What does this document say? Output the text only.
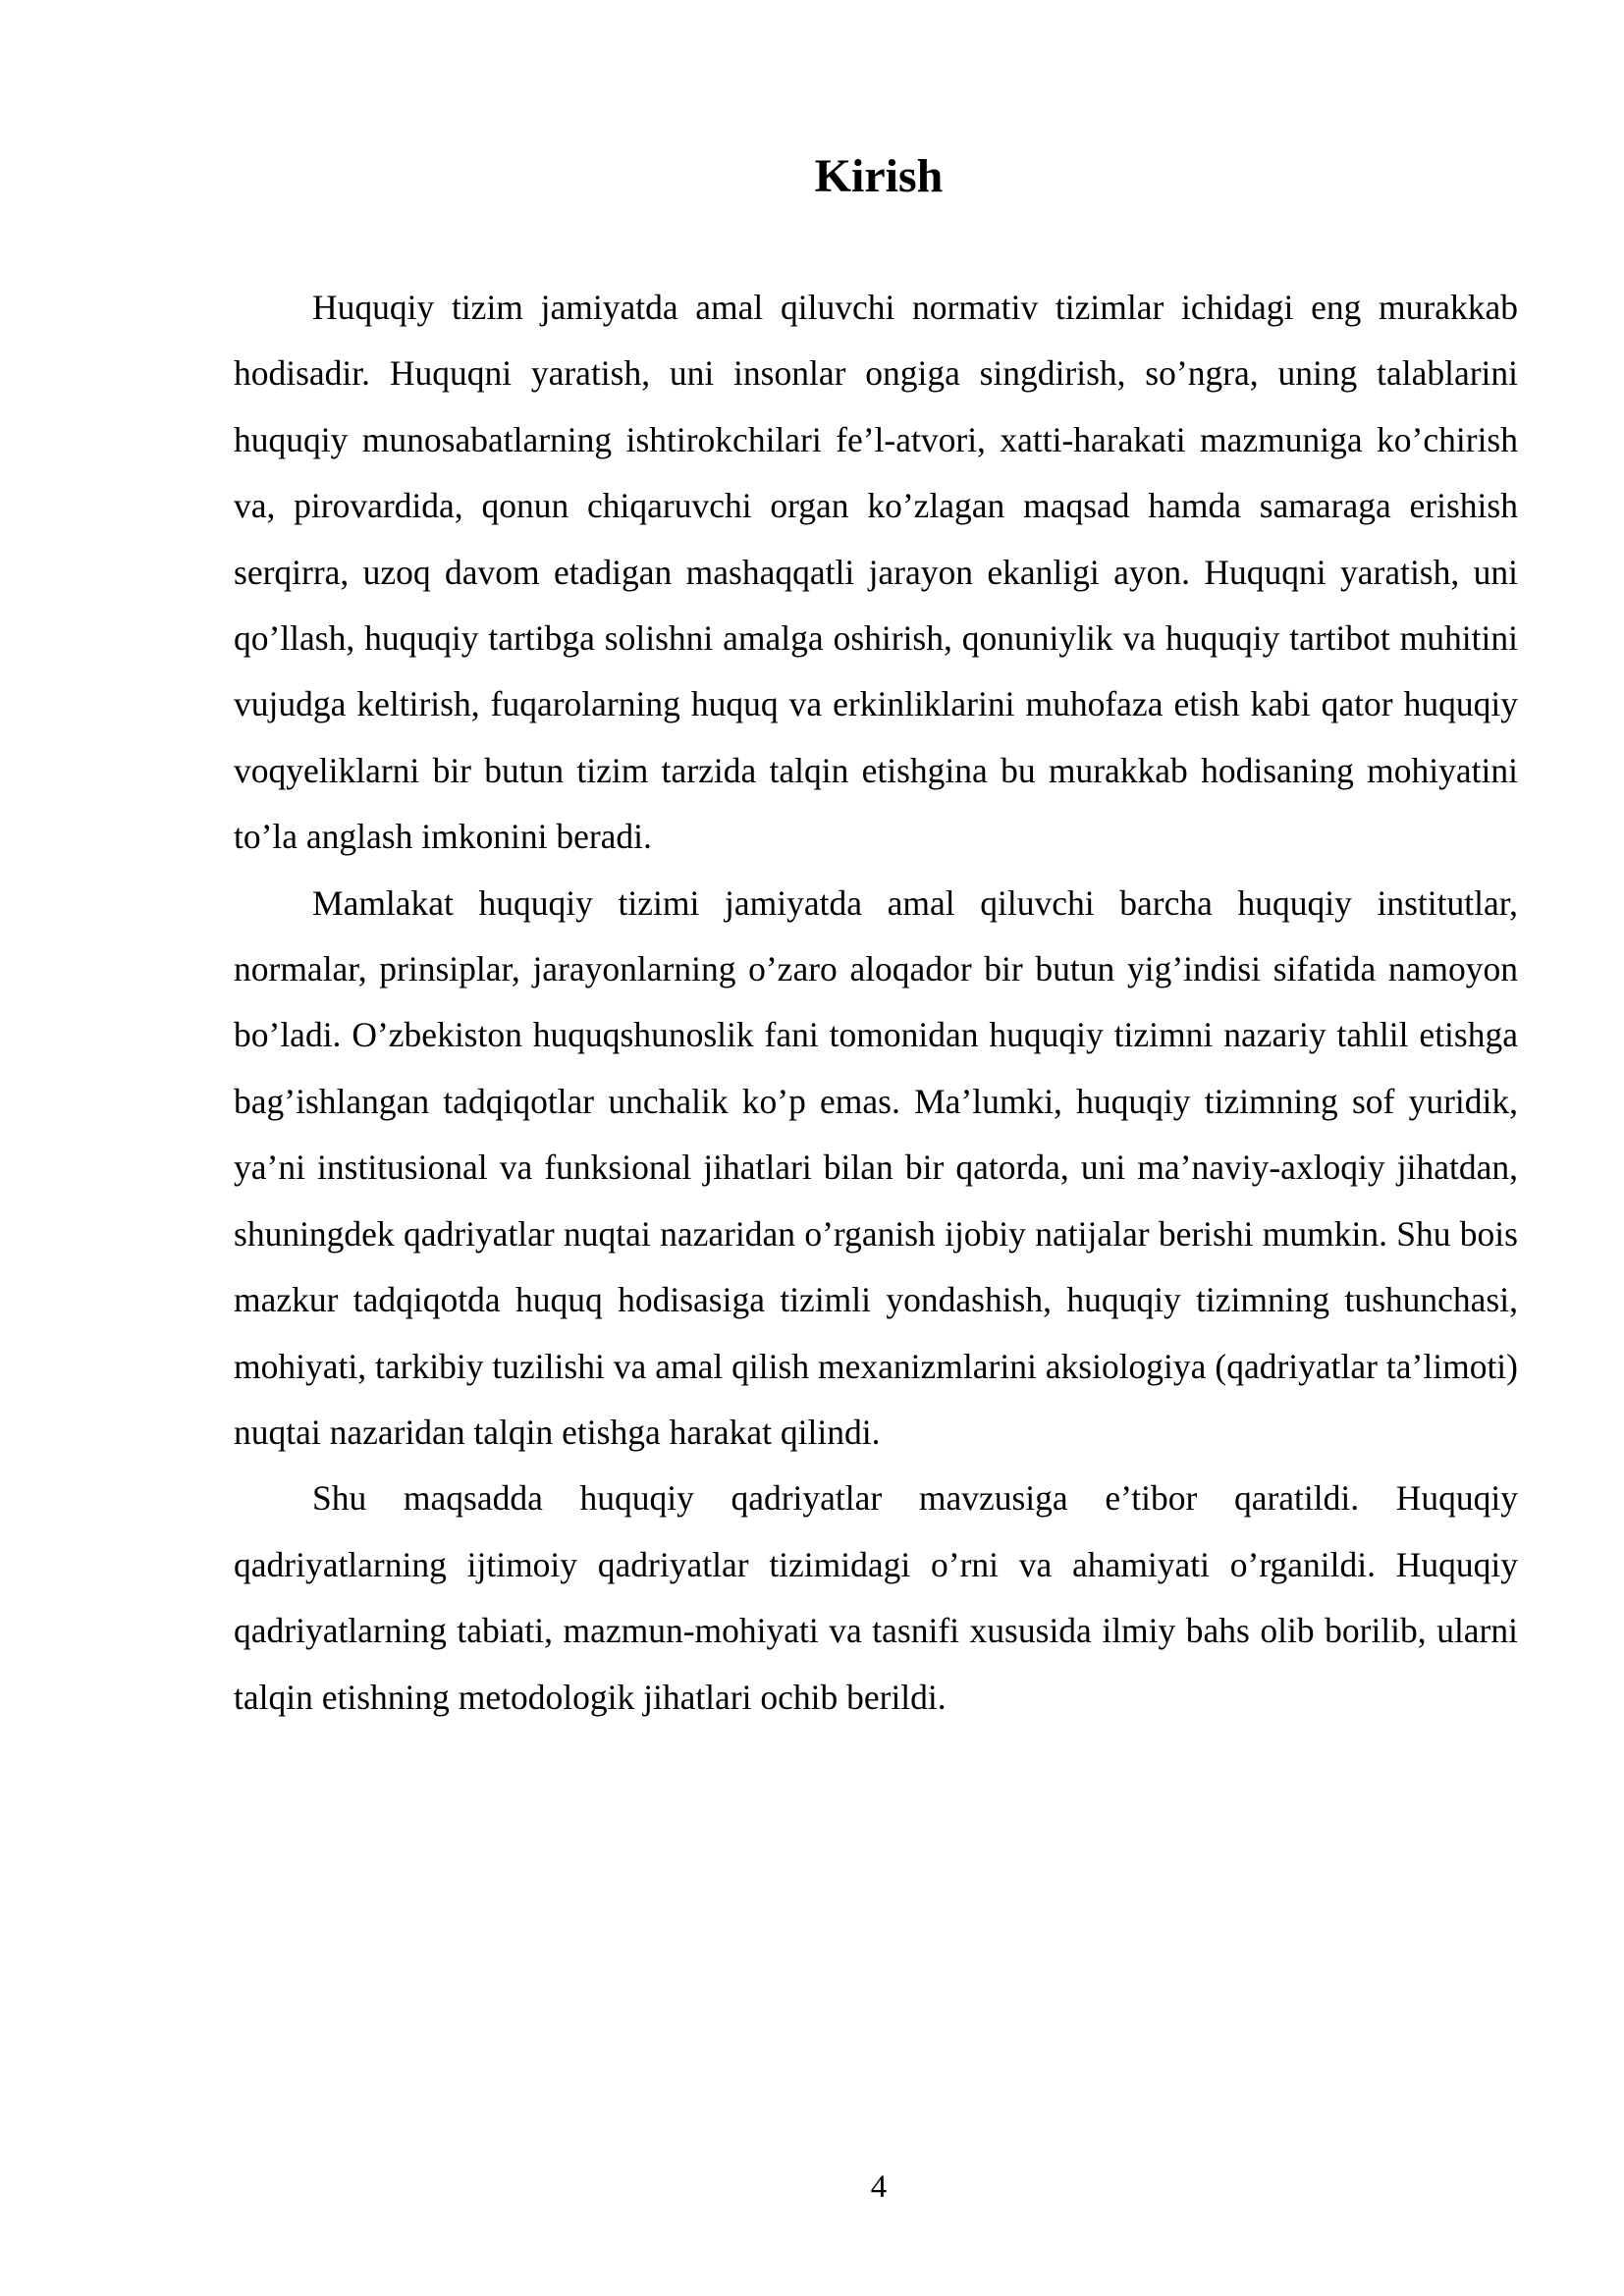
Kirish

Huquqiy tizim jamiyatda amal qiluvchi normativ tizimlar ichidagi eng murakkab hodisadir. Huquqni yaratish, uni insonlar ongiga singdirish, so’ngra, uning talablarini huquqiy munosabatlarning ishtirokchilari fe’l-atvori, xatti-harakati mazmuniga ko’chirish va, pirovardida, qonun chiqaruvchi organ ko’zlagan maqsad hamda samaraga erishish serqirra, uzoq davom etadigan mashaqqatli jarayon ekanligi ayon. Huquqni yaratish, uni qo’llash, huquqiy tartibga solishni amalga oshirish, qonuniylik va huquqiy tartibot muhitini vujudga keltirish, fuqarolarning huquq va erkinliklarini muhofaza etish kabi qator huquqiy voqyeliklarni bir butun tizim tarzida talqin etishgina bu murakkab hodisaning mohiyatini to’la anglash imkonini beradi.

Mamlakat huquqiy tizimi jamiyatda amal qiluvchi barcha huquqiy institutlar, normalar, prinsiplar, jarayonlarning o’zaro aloqador bir butun yig’indisi sifatida namoyon bo’ladi. O’zbekiston huquqshunoslik fani tomonidan huquqiy tizimni nazariy tahlil etishga bag’ishlangan tadqiqotlar unchalik ko’p emas. Ma’lumki, huquqiy tizimning sof yuridik, ya’ni institusional va funksional jihatlari bilan bir qatorda, uni ma’naviy-axloqiy jihatdan, shuningdek qadriyatlar nuqtai nazaridan o’rganish ijobiy natijalar berishi mumkin. Shu bois mazkur tadqiqotda huquq hodisasiga tizimli yondashish, huquqiy tizimning tushunchasi, mohiyati, tarkibiy tuzilishi va amal qilish mexanizmlarini aksiologiya (qadriyatlar ta’limoti) nuqtai nazaridan talqin etishga harakat qilindi.

Shu maqsadda huquqiy qadriyatlar mavzusiga e’tibor qaratildi. Huquqiy qadriyatlarning ijtimoiy qadriyatlar tizimidagi o’rni va ahamiyati o’rganildi. Huquqiy qadriyatlarning tabiati, mazmun-mohiyati va tasnifi xususida ilmiy bahs olib borilib, ularni talqin etishning metodologik jihatlari ochib berildi.

4
